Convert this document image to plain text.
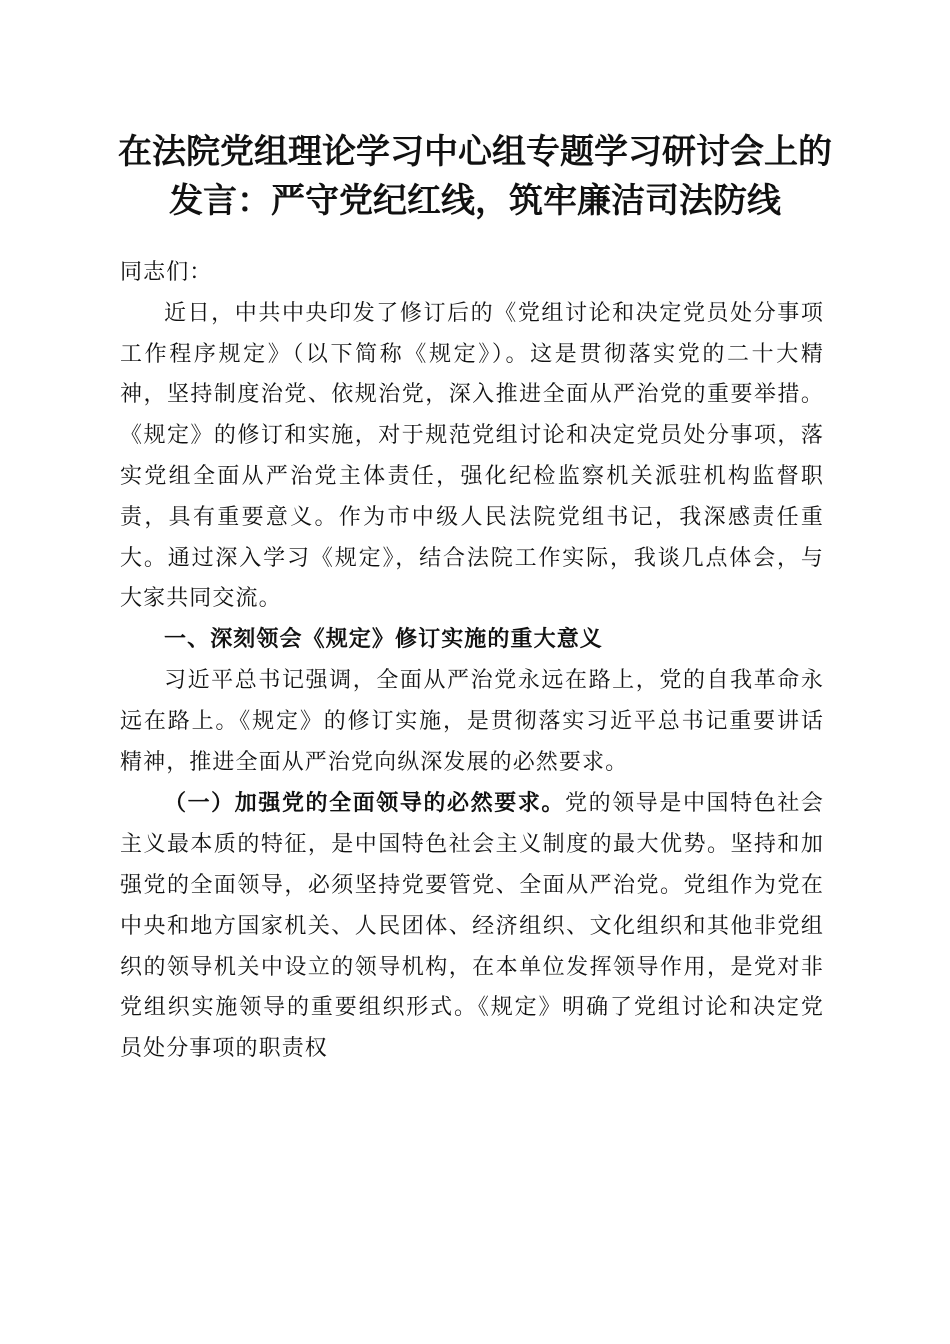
在法院党组理论学习中心组专题学习研讨会上的发言：严守党纪红线，筑牢廉洁司法防线

同志们：

近日，中共中央印发了修订后的《党组讨论和决定党员处分事项工作程序规定》（以下简称《规定》）。这是贯彻落实党的二十大精神，坚持制度治党、依规治党，深入推进全面从严治党的重要举措。《规定》的修订和实施，对于规范党组讨论和决定党员处分事项，落实党组全面从严治党主体责任，强化纪检监察机关派驻机构监督职责，具有重要意义。作为市中级人民法院党组书记，我深感责任重大。通过深入学习《规定》，结合法院工作实际，我谈几点体会，与大家共同交流。

一、深刻领会《规定》修订实施的重大意义

习近平总书记强调，全面从严治党永远在路上，党的自我革命永远在路上。《规定》的修订实施，是贯彻落实习近平总书记重要讲话精神，推进全面从严治党向纵深发展的必然要求。

（一）加强党的全面领导的必然要求。党的领导是中国特色社会主义最本质的特征，是中国特色社会主义制度的最大优势。坚持和加强党的全面领导，必须坚持党要管党、全面从严治党。党组作为党在中央和地方国家机关、人民团体、经济组织、文化组织和其他非党组织的领导机关中设立的领导机构，在本单位发挥领导作用，是党对非党组织实施领导的重要组织形式。《规定》明确了党组讨论和决定党员处分事项的职责权
